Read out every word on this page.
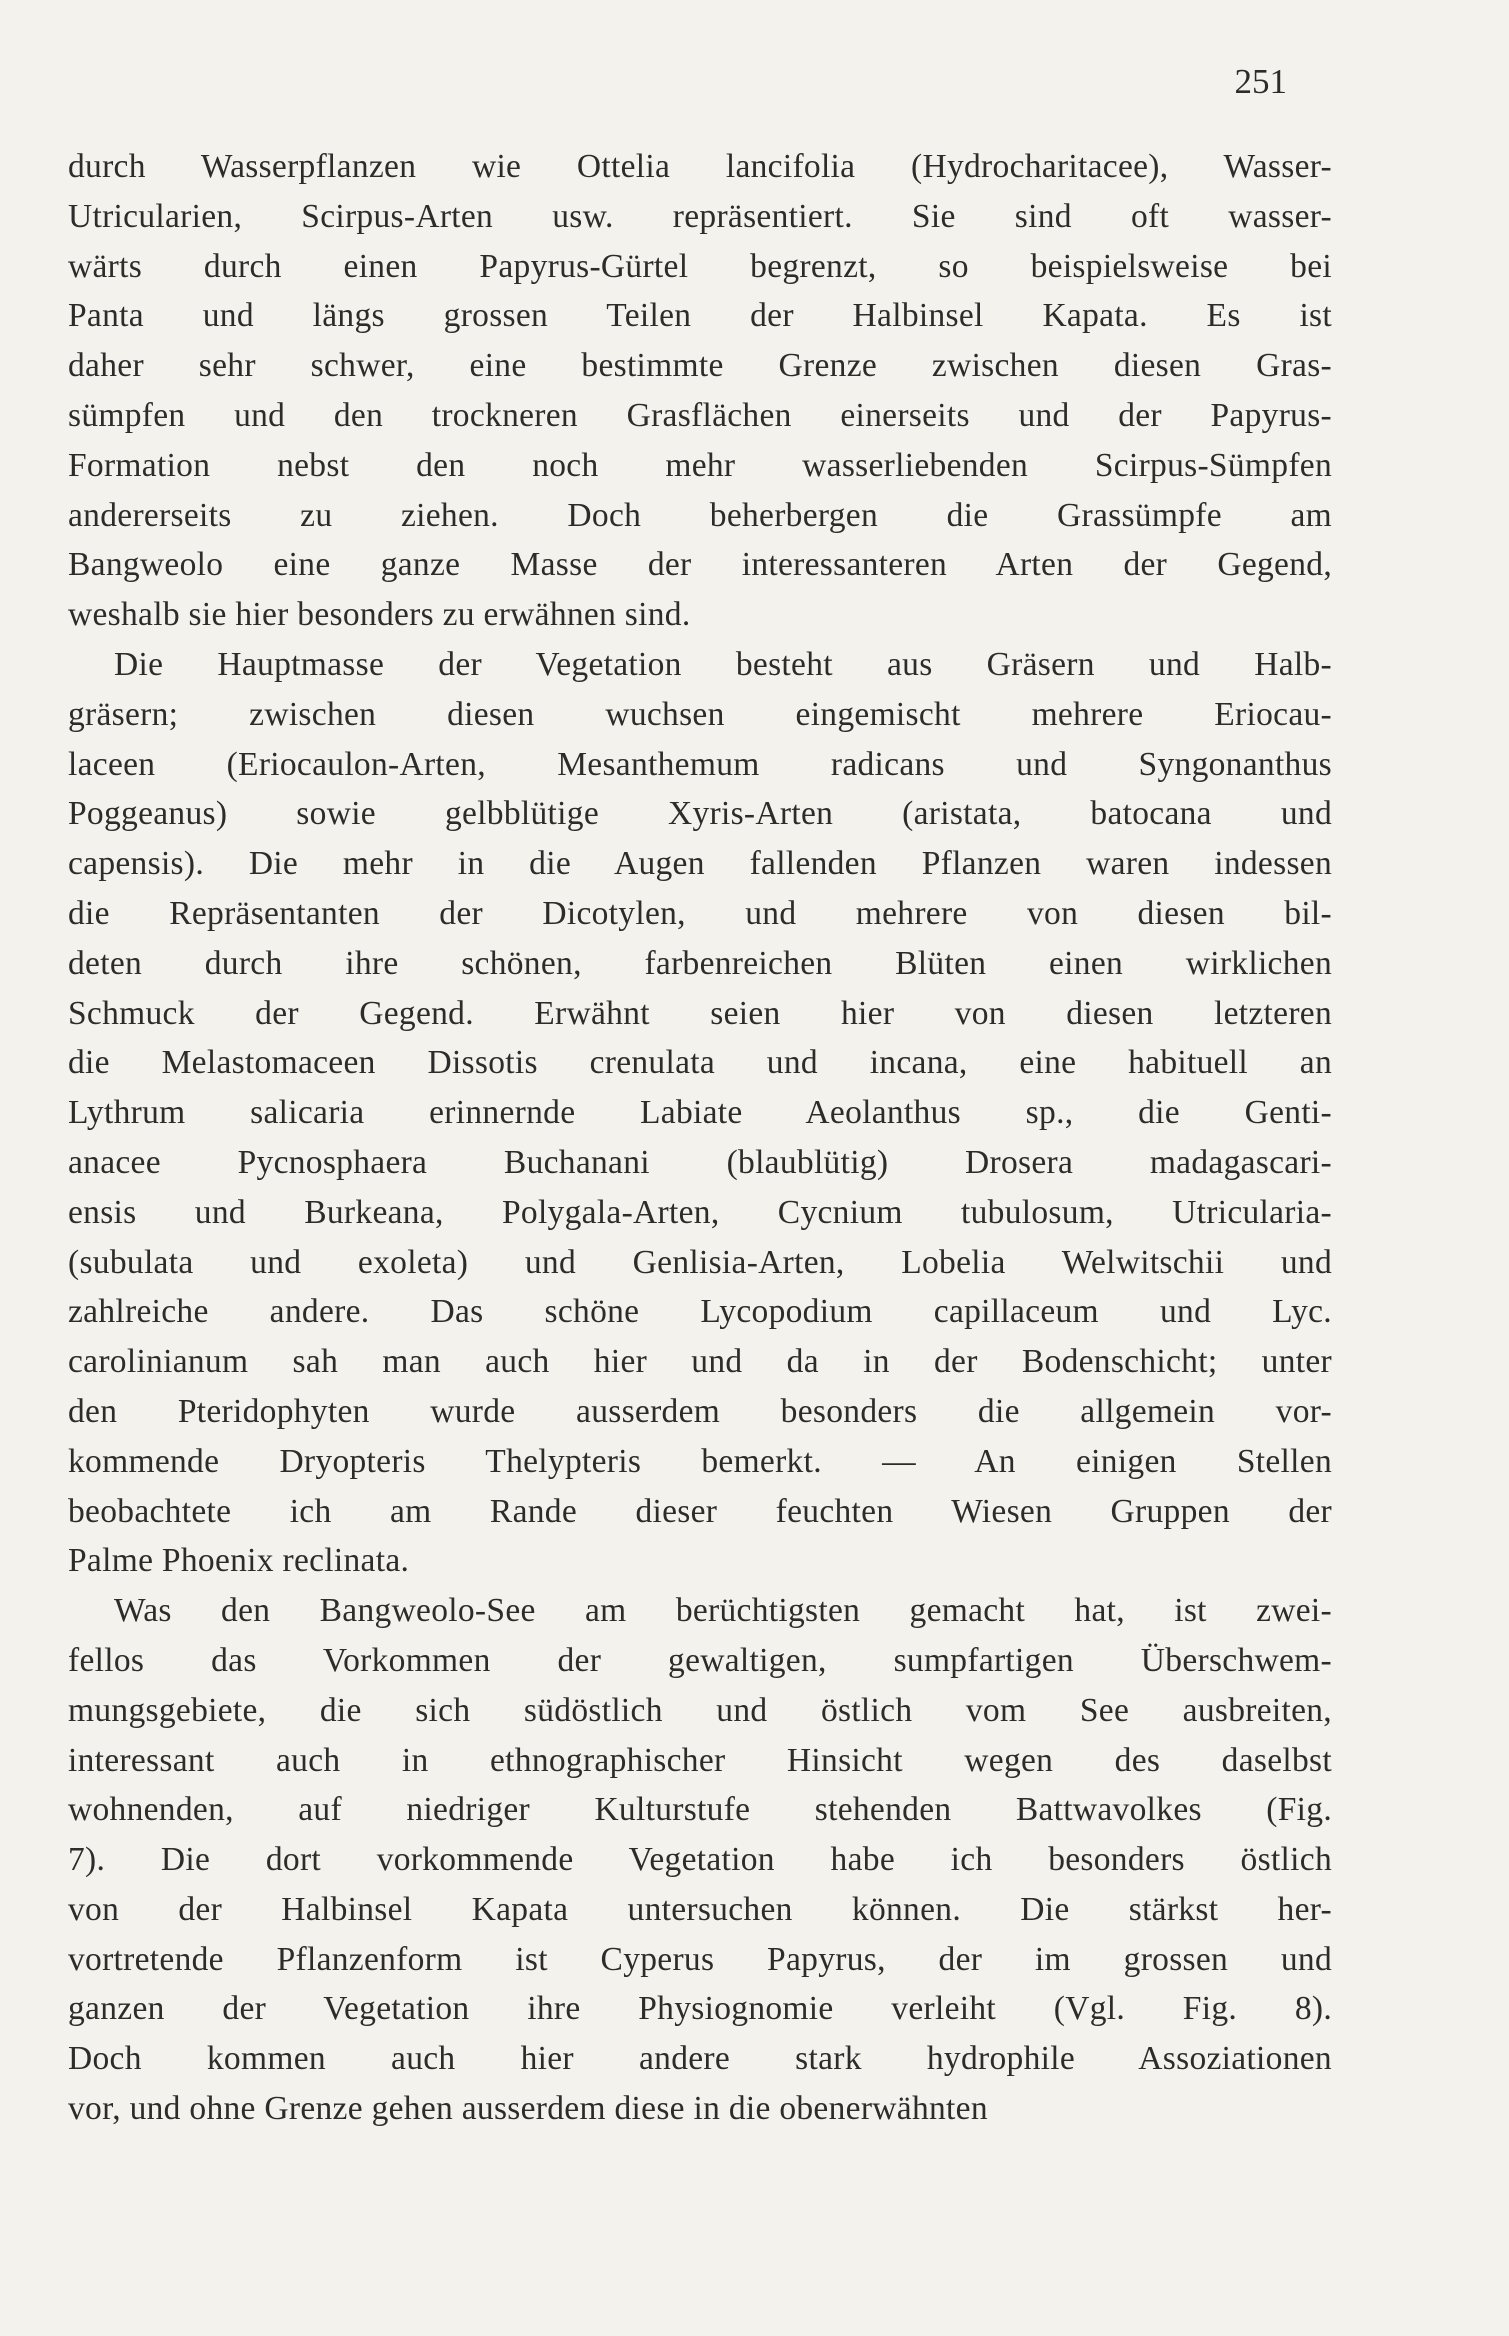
251
durch Wasserpflanzen wie Ottelia lancifolia (Hydrocharitacee), Wasser-
Utricularien, Scirpus-Arten usw. repräsentiert. Sie sind oft wasser-
wärts durch einen Papyrus-Gürtel begrenzt, so beispielsweise bei
Panta und längs grossen Teilen der Halbinsel Kapata. Es ist
daher sehr schwer, eine bestimmte Grenze zwischen diesen Gras-
sümpfen und den trockneren Grasflächen einerseits und der Papyrus-
Formation nebst den noch mehr wasserliebenden Scirpus-Sümpfen
andererseits zu ziehen. Doch beherbergen die Grassümpfe am
Bangweolo eine ganze Masse der interessanteren Arten der Gegend,
weshalb sie hier besonders zu erwähnen sind.
Die Hauptmasse der Vegetation besteht aus Gräsern und Halb-
gräsern; zwischen diesen wuchsen eingemischt mehrere Eriocau-
laceen (Eriocaulon-Arten, Mesanthemum radicans und Syngonanthus
Poggeanus) sowie gelbblütige Xyris-Arten (aristata, batocana und
capensis). Die mehr in die Augen fallenden Pflanzen waren indessen
die Repräsentanten der Dicotylen, und mehrere von diesen bil-
deten durch ihre schönen, farbenreichen Blüten einen wirklichen
Schmuck der Gegend. Erwähnt seien hier von diesen letzteren
die Melastomaceen Dissotis crenulata und incana, eine habituell an
Lythrum salicaria erinnernde Labiate Aeolanthus sp., die Genti-
anacee Pycnosphaera Buchanani (blaublütig) Drosera madagascari-
ensis und Burkeana, Polygala-Arten, Cycnium tubulosum, Utricularia-
(subulata und exoleta) und Genlisia-Arten, Lobelia Welwitschii und
zahlreiche andere. Das schöne Lycopodium capillaceum und Lyc.
carolinianum sah man auch hier und da in der Bodenschicht; unter
den Pteridophyten wurde ausserdem besonders die allgemein vor-
kommende Dryopteris Thelypteris bemerkt. — An einigen Stellen
beobachtete ich am Rande dieser feuchten Wiesen Gruppen der
Palme Phoenix reclinata.
Was den Bangweolo-See am berüchtigsten gemacht hat, ist zwei-
fellos das Vorkommen der gewaltigen, sumpfartigen Überschwem-
mungsgebiete, die sich südöstlich und östlich vom See ausbreiten,
interessant auch in ethnographischer Hinsicht wegen des daselbst
wohnenden, auf niedriger Kulturstufe stehenden Battwavolkes (Fig.
7). Die dort vorkommende Vegetation habe ich besonders östlich
von der Halbinsel Kapata untersuchen können. Die stärkst her-
vortretende Pflanzenform ist Cyperus Papyrus, der im grossen und
ganzen der Vegetation ihre Physiognomie verleiht (Vgl. Fig. 8).
Doch kommen auch hier andere stark hydrophile Assoziationen
vor, und ohne Grenze gehen ausserdem diese in die obenerwähnten
